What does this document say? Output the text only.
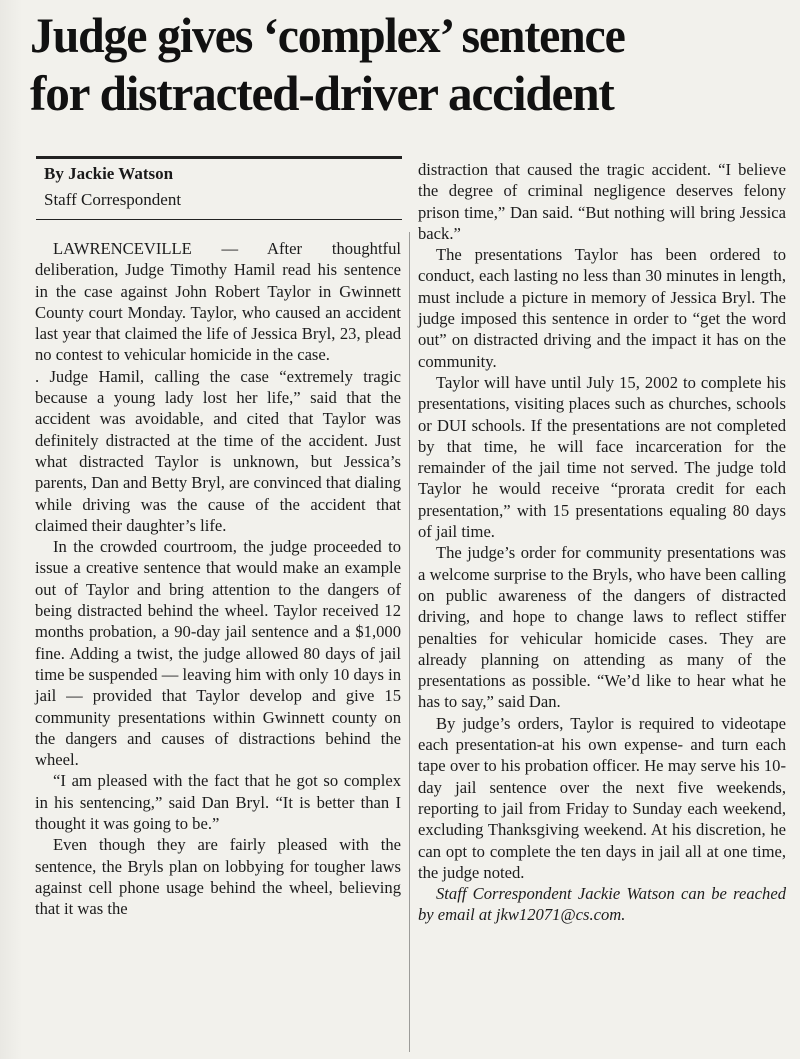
Judge gives ‘complex’ sentence
for distracted-driver accident
By Jackie Watson
Staff Correspondent

LAWRENCEVILLE — After thoughtful deliberation, Judge Timothy Hamil read his sentence in the case against John Robert Taylor in Gwinnett County court Monday. Taylor, who caused an accident last year that claimed the life of Jessica Bryl, 23, plead no contest to vehicular homicide in the case.

. Judge Hamil, calling the case “extremely tragic because a young lady lost her life,” said that the accident was avoidable, and cited that Taylor was definitely distracted at the time of the accident. Just what distracted Taylor is unknown, but Jessica’s parents, Dan and Betty Bryl, are convinced that dialing while driving was the cause of the accident that claimed their daughter’s life.

In the crowded courtroom, the judge proceeded to issue a creative sentence that would make an example out of Taylor and bring attention to the dangers of being distracted behind the wheel. Taylor received 12 months probation, a 90-day jail sentence and a $1,000 fine. Adding a twist, the judge allowed 80 days of jail time be suspended — leaving him with only 10 days in jail — provided that Taylor develop and give 15 community presentations within Gwinnett county on the dangers and causes of distractions behind the wheel.

“I am pleased with the fact that he got so complex in his sentencing,” said Dan Bryl. “It is better than I thought it was going to be.”

Even though they are fairly pleased with the sentence, the Bryls plan on lobbying for tougher laws against cell phone usage behind the wheel, believing that it was the

distraction that caused the tragic accident. “I believe the degree of criminal negligence deserves felony prison time,” Dan said. “But nothing will bring Jessica back.”

The presentations Taylor has been ordered to conduct, each lasting no less than 30 minutes in length, must include a picture in memory of Jessica Bryl. The judge imposed this sentence in order to “get the word out” on distracted driving and the impact it has on the community.

Taylor will have until July 15, 2002 to complete his presentations, visiting places such as churches, schools or DUI schools. If the presentations are not completed by that time, he will face incarceration for the remainder of the jail time not served. The judge told Taylor he would receive “prorata credit for each presentation,” with 15 presentations equaling 80 days of jail time.

The judge’s order for community presentations was a welcome surprise to the Bryls, who have been calling on public awareness of the dangers of distracted driving, and hope to change laws to reflect stiffer penalties for vehicular homicide cases. They are already planning on attending as many of the presentations as possible. “We’d like to hear what he has to say,” said Dan.

By judge’s orders, Taylor is required to videotape each presentation-at his own expense- and turn each tape over to his probation officer. He may serve his 10-day jail sentence over the next five weekends, reporting to jail from Friday to Sunday each weekend, excluding Thanksgiving weekend. At his discretion, he can opt to complete the ten days in jail all at one time, the judge noted.

Staff Correspondent Jackie Watson can be reached by email at jkw12071@cs.com.
